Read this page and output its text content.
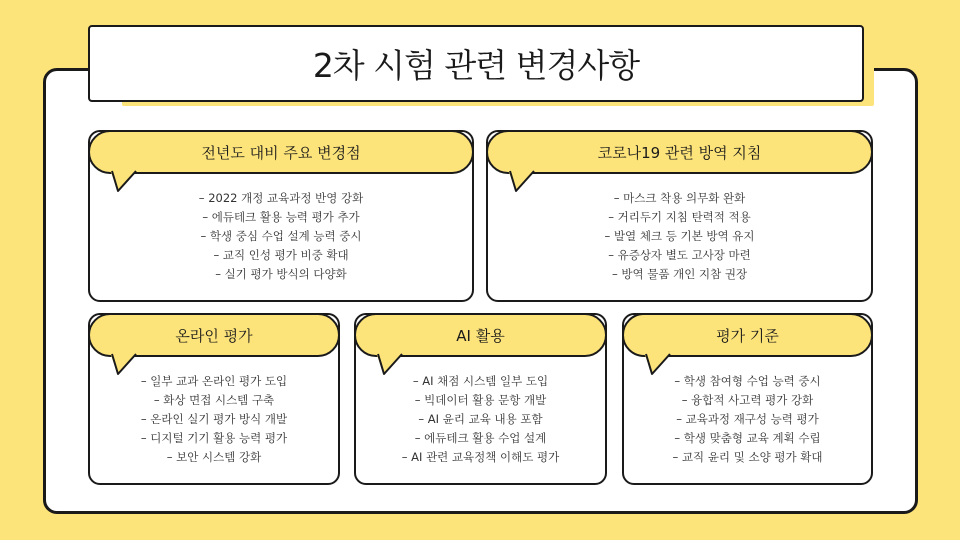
2차 시험 관련 변경사항
전년도 대비 주요 변경점
– 2022 개정 교육과정 반영 강화
– 에듀테크 활용 능력 평가 추가
– 학생 중심 수업 설계 능력 중시
– 교직 인성 평가 비중 확대
– 실기 평가 방식의 다양화
코로나19 관련 방역 지침
– 마스크 착용 의무화 완화
– 거리두기 지침 탄력적 적용
– 발열 체크 등 기본 방역 유지
– 유증상자 별도 고사장 마련
– 방역 물품 개인 지참 권장
온라인 평가
– 일부 교과 온라인 평가 도입
– 화상 면접 시스템 구축
– 온라인 실기 평가 방식 개발
– 디지털 기기 활용 능력 평가
– 보안 시스템 강화
AI 활용
– AI 채점 시스템 일부 도입
– 빅데이터 활용 문항 개발
– AI 윤리 교육 내용 포함
– 에듀테크 활용 수업 설계
– AI 관련 교육정책 이해도 평가
평가 기준
– 학생 참여형 수업 능력 중시
– 융합적 사고력 평가 강화
– 교육과정 재구성 능력 평가
– 학생 맞춤형 교육 계획 수립
– 교직 윤리 및 소양 평가 확대
